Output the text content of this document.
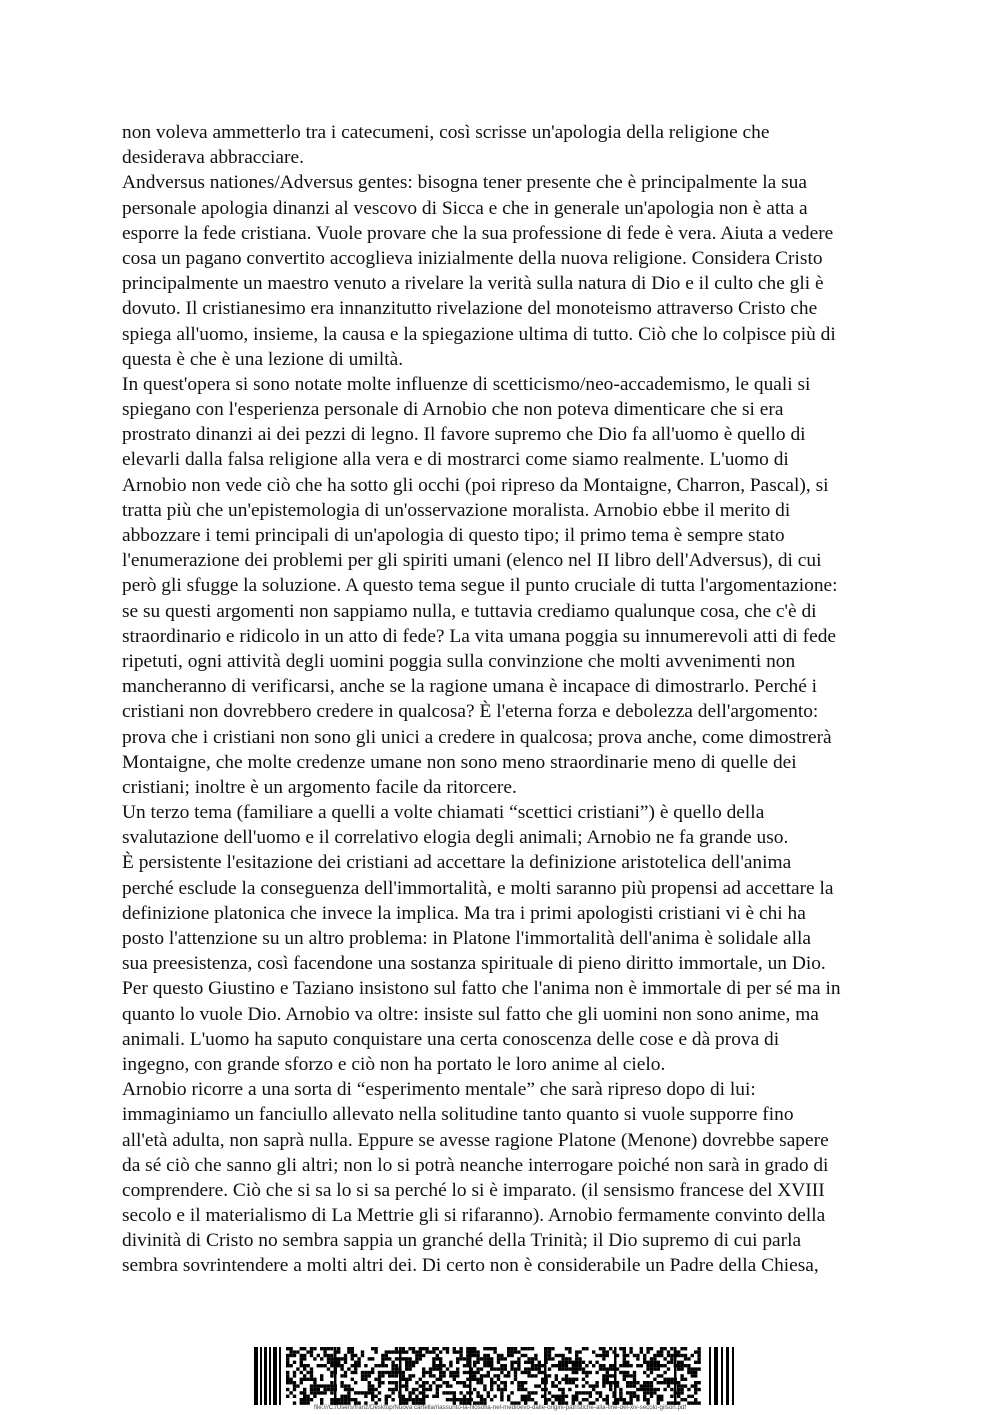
non voleva ammetterlo tra i catecumeni, così scrisse un'apologia della religione che
desiderava abbracciare.
Andversus nationes/Adversus gentes: bisogna tener presente che è principalmente la sua
personale apologia dinanzi al vescovo di Sicca e che in generale un'apologia non è atta a
esporre la fede cristiana. Vuole provare che la sua professione di fede è vera. Aiuta a vedere
cosa un pagano convertito accoglieva inizialmente della nuova religione. Considera Cristo
principalmente un maestro venuto a rivelare la verità sulla natura di Dio e il culto che gli è
dovuto. Il cristianesimo era innanzitutto rivelazione del monoteismo attraverso Cristo che
spiega all'uomo, insieme, la causa e la spiegazione ultima di tutto. Ciò che lo colpisce più di
questa è che è una lezione di umiltà.
In quest'opera si sono notate molte influenze di scetticismo/neo-accademismo, le quali si
spiegano con l'esperienza personale di Arnobio che non poteva dimenticare che si era
prostrato dinanzi ai dei pezzi di legno. Il favore supremo che Dio fa all'uomo è quello di
elevarli dalla falsa religione alla vera e di mostrarci come siamo realmente. L'uomo di
Arnobio non vede ciò che ha sotto gli occhi (poi ripreso da Montaigne, Charron, Pascal), si
tratta più che un'epistemologia di un'osservazione moralista. Arnobio ebbe il merito di
abbozzare i temi principali di un'apologia di questo tipo; il primo tema è sempre stato
l'enumerazione dei problemi per gli spiriti umani (elenco nel II libro dell'Adversus), di cui
però gli sfugge la soluzione. A questo tema segue il punto cruciale di tutta l'argomentazione:
se su questi argomenti non sappiamo nulla, e tuttavia crediamo qualunque cosa, che c'è di
straordinario e ridicolo in un atto di fede? La vita umana poggia su innumerevoli atti di fede
ripetuti, ogni attività degli uomini poggia sulla convinzione che molti avvenimenti non
mancheranno di verificarsi, anche se la ragione umana è incapace di dimostrarlo. Perché i
cristiani non dovrebbero credere in qualcosa? È l'eterna forza e debolezza dell'argomento:
prova che i cristiani non sono gli unici a credere in qualcosa; prova anche, come dimostrerà
Montaigne, che molte credenze umane non sono meno straordinarie meno di quelle dei
cristiani; inoltre è un argomento facile da ritorcere.
Un terzo tema (familiare a quelli a volte chiamati “scettici cristiani”) è quello della
svalutazione dell'uomo e il correlativo elogia degli animali; Arnobio ne fa grande uso.
È persistente l'esitazione dei cristiani ad accettare la definizione aristotelica dell'anima
perché esclude la conseguenza dell'immortalità, e molti saranno più propensi ad accettare la
definizione platonica che invece la implica. Ma tra i primi apologisti cristiani vi è chi ha
posto l'attenzione su un altro problema: in Platone l'immortalità dell'anima è solidale alla
sua preesistenza, così facendone una sostanza spirituale di pieno diritto immortale, un Dio.
Per questo Giustino e Taziano insistono sul fatto che l'anima non è immortale di per sé ma in
quanto lo vuole Dio. Arnobio va oltre: insiste sul fatto che gli uomini non sono anime, ma
animali. L'uomo ha saputo conquistare una certa conoscenza delle cose e dà prova di
ingegno, con grande sforzo e ciò non ha portato le loro anime al cielo.
Arnobio ricorre a una sorta di “esperimento mentale” che sarà ripreso dopo di lui:
immaginiamo un fanciullo allevato nella solitudine tanto quanto si vuole supporre fino
all'età adulta, non saprà nulla. Eppure se avesse ragione Platone (Menone) dovrebbe sapere
da sé ciò che sanno gli altri; non lo si potrà neanche interrogare poiché non sarà in grado di
comprendere. Ciò che si sa lo si sa perché lo si è imparato. (il sensismo francese del XVIII
secolo e il materialismo di La Mettrie gli si rifaranno). Arnobio fermamente convinto della
divinità di Cristo no sembra sappia un granché della Trinità; il Dio supremo di cui parla
sembra sovrintendere a molti altri dei. Di certo non è considerabile un Padre della Chiesa,
file:///C:/Users/franz/Desktop/Nuova cartella/riassunto-la-filosofia-nel-medioevo-dalle-origini-patristiche-alla-fine-del-xiv-secolo-gilson.pdf
